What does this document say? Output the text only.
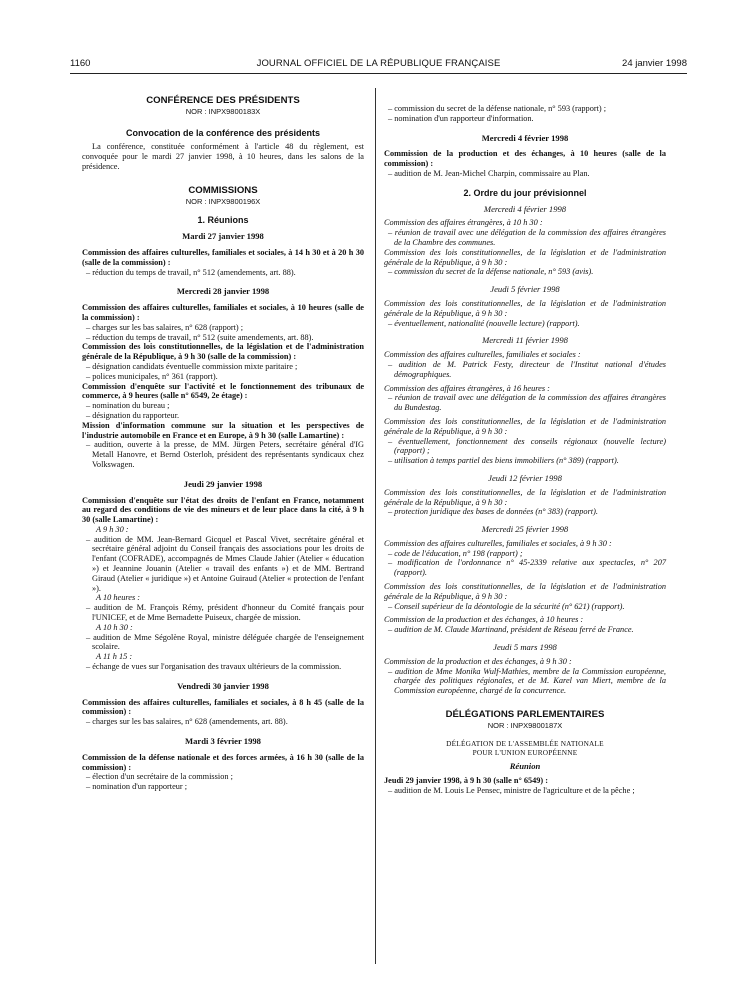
1160	JOURNAL OFFICIEL DE LA RÉPUBLIQUE FRANÇAISE	24 janvier 1998

CONFÉRENCE DES PRÉSIDENTS

NOR : INPX9800183X

Convocation de la conférence des présidents

La conférence, constituée conformément à l'article 48 du règlement, est convoquée pour le mardi 27 janvier 1998, à 10 heures, dans les salons de la présidence.

COMMISSIONS

NOR : INPX9800196X

1. Réunions

Mardi 27 janvier 1998

Commission des affaires culturelles, familiales et sociales, à 14 h 30 et à 20 h 30 (salle de la commission) :

– réduction du temps de travail, n° 512 (amendements, art. 88).

Mercredi 28 janvier 1998

Commission des affaires culturelles, familiales et sociales, à 10 heures (salle de la commission) :

– charges sur les bas salaires, n° 628 (rapport) ;

– réduction du temps de travail, n° 512 (suite amendements, art. 88).

Commission des lois constitutionnelles, de la législation et de l'administration générale de la République, à 9 h 30 (salle de la commission) :

– désignation candidats éventuelle commission mixte paritaire ;

– polices municipales, n° 361 (rapport).

Commission d'enquête sur l'activité et le fonctionnement des tribunaux de commerce, à 9 heures (salle n° 6549, 2e étage) :

– nomination du bureau ;

– désignation du rapporteur.

Mission d'information commune sur la situation et les perspectives de l'industrie automobile en France et en Europe, à 9 h 30 (salle Lamartine) :

– audition, ouverte à la presse, de MM. Jürgen Peters, secrétaire général d'IG Metall Hanovre, et Bernd Osterloh, président des représentants syndicaux chez Volkswagen.

Jeudi 29 janvier 1998

Commission d'enquête sur l'état des droits de l'enfant en France, notamment au regard des conditions de vie des mineurs et de leur place dans la cité, à 9 h 30 (salle Lamartine) :

A 9 h 30 :

– audition de MM. Jean-Bernard Gicquel et Pascal Vivet, secrétaire général et secrétaire général adjoint du Conseil français des associations pour les droits de l'enfant (COFRADE), accompagnés de Mmes Claude Jahier (Atelier « éducation ») et Jeannine Jouanin (Atelier « travail des enfants ») et de MM. Bertrand Giraud (Atelier « juridique ») et Antoine Guiraud (Atelier « protection de l'enfant »).

A 10 heures :

– audition de M. François Rémy, président d'honneur du Comité français pour l'UNICEF, et de Mme Bernadette Puiseux, chargée de mission.

A 10 h 30 :

– audition de Mme Ségolène Royal, ministre déléguée chargée de l'enseignement scolaire.

A 11 h 15 :

– échange de vues sur l'organisation des travaux ultérieurs de la commission.

Vendredi 30 janvier 1998

Commission des affaires culturelles, familiales et sociales, à 8 h 45 (salle de la commission) :

– charges sur les bas salaires, n° 628 (amendements, art. 88).

Mardi 3 février 1998

Commission de la défense nationale et des forces armées, à 16 h 30 (salle de la commission) :

– élection d'un secrétaire de la commission ;

– nomination d'un rapporteur ;

– commission du secret de la défense nationale, n° 593 (rapport) ;

– nomination d'un rapporteur d'information.

Mercredi 4 février 1998

Commission de la production et des échanges, à 10 heures (salle de la commission) :

– audition de M. Jean-Michel Charpin, commissaire au Plan.

2. Ordre du jour prévisionnel

Mercredi 4 février 1998

Commission des affaires étrangères, à 10 h 30 :

– réunion de travail avec une délégation de la commission des affaires étrangères de la Chambre des communes.

Commission des lois constitutionnelles, de la législation et de l'administration générale de la République, à 9 h 30 :

– commission du secret de la défense nationale, n° 593 (avis).

Jeudi 5 février 1998

Commission des lois constitutionnelles, de la législation et de l'administration générale de la République, à 9 h 30 :

– éventuellement, nationalité (nouvelle lecture) (rapport).

Mercredi 11 février 1998

Commission des affaires culturelles, familiales et sociales :

– audition de M. Patrick Festy, directeur de l'Institut national d'études démographiques.

Commission des affaires étrangères, à 16 heures :

– réunion de travail avec une délégation de la commission des affaires étrangères du Bundestag.

Commission des lois constitutionnelles, de la législation et de l'administration générale de la République, à 9 h 30 :

– éventuellement, fonctionnement des conseils régionaux (nouvelle lecture) (rapport) ;

– utilisation à temps partiel des biens immobiliers (n° 389) (rapport).

Jeudi 12 février 1998

Commission des lois constitutionnelles, de la législation et de l'administration générale de la République, à 9 h 30 :

– protection juridique des bases de données (n° 383) (rapport).

Mercredi 25 février 1998

Commission des affaires culturelles, familiales et sociales, à 9 h 30 :

– code de l'éducation, n° 198 (rapport) ;

– modification de l'ordonnance n° 45-2339 relative aux spectacles, n° 207 (rapport).

Commission des lois constitutionnelles, de la législation et de l'administration générale de la République, à 9 h 30 :

– Conseil supérieur de la déontologie de la sécurité (n° 621) (rapport).

Commission de la production et des échanges, à 10 heures :

– audition de M. Claude Martinand, président de Réseau ferré de France.

Jeudi 5 mars 1998

Commission de la production et des échanges, à 9 h 30 :

– audition de Mme Monika Wulf-Mathies, membre de la Commission européenne, chargée des politiques régionales, et de M. Karel van Miert, membre de la Commission européenne, chargé de la concurrence.

DÉLÉGATIONS PARLEMENTAIRES

NOR : INPX9800187X

DÉLÉGATION DE L'ASSEMBLÉE NATIONALE

POUR L'UNION EUROPÉENNE

Réunion

Jeudi 29 janvier 1998, à 9 h 30 (salle n° 6549) :

– audition de M. Louis Le Pensec, ministre de l'agriculture et de la pêche ;
